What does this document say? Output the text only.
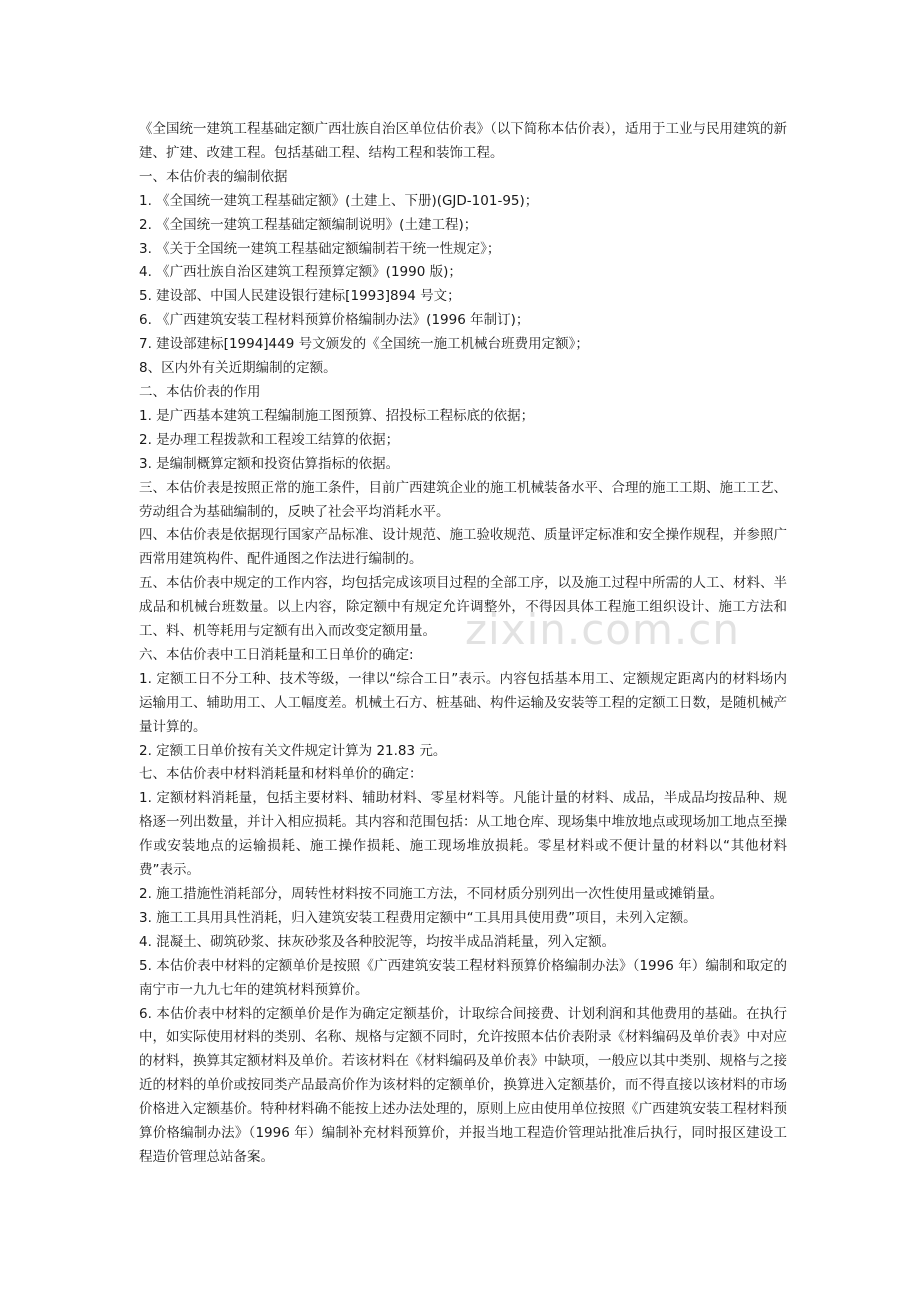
zixin.com.cn

《全国统一建筑工程基础定额广西壮族自治区单位估价表》（以下简称本估价表），适用于工业与民用建筑的新建、扩建、改建工程。包括基础工程、结构工程和装饰工程。

一、本估价表的编制依据

1. 《全国统一建筑工程基础定额》(土建上、下册)(GJD-101-95)；

2. 《全国统一建筑工程基础定额编制说明》(土建工程)；

3. 《关于全国统一建筑工程基础定额编制若干统一性规定》；

4. 《广西壮族自治区建筑工程预算定额》(1990 版)；

5. 建设部、中国人民建设银行建标[1993]894 号文；

6. 《广西建筑安装工程材料预算价格编制办法》(1996 年制订)；

7. 建设部建标[1994]449 号文颁发的《全国统一施工机械台班费用定额》；

8、区内外有关近期编制的定额。

二、本估价表的作用

1. 是广西基本建筑工程编制施工图预算、招投标工程标底的依据；

2. 是办理工程拨款和工程竣工结算的依据；

3. 是编制概算定额和投资估算指标的依据。

三、本估价表是按照正常的施工条件，目前广西建筑企业的施工机械装备水平、合理的施工工期、施工工艺、劳动组合为基础编制的，反映了社会平均消耗水平。

四、本估价表是依据现行国家产品标准、设计规范、施工验收规范、质量评定标准和安全操作规程，并参照广西常用建筑构件、配件通图之作法进行编制的。

五、本估价表中规定的工作内容，均包括完成该项目过程的全部工序，以及施工过程中所需的人工、材料、半成品和机械台班数量。以上内容，除定额中有规定允许调整外，不得因具体工程施工组织设计、施工方法和工、料、机等耗用与定额有出入而改变定额用量。

六、本估价表中工日消耗量和工日单价的确定:

1. 定额工日不分工种、技术等级，一律以“综合工日”表示。内容包括基本用工、定额规定距离内的材料场内运输用工、辅助用工、人工幅度差。机械土石方、桩基础、构件运输及安装等工程的定额工日数，是随机械产量计算的。

2. 定额工日单价按有关文件规定计算为 21.83 元。

七、本估价表中材料消耗量和材料单价的确定：

1. 定额材料消耗量，包括主要材料、辅助材料、零星材料等。凡能计量的材料、成品，半成品均按品种、规格逐一列出数量，并计入相应损耗。其内容和范围包括：从工地仓库、现场集中堆放地点或现场加工地点至操作或安装地点的运输损耗、施工操作损耗、施工现场堆放损耗。零星材料或不便计量的材料以“其他材料费”表示。

2. 施工措施性消耗部分，周转性材料按不同施工方法，不同材质分别列出一次性使用量或摊销量。

3. 施工工具用具性消耗，归入建筑安装工程费用定额中“工具用具使用费”项目，未列入定额。

4. 混凝土、砌筑砂浆、抹灰砂浆及各种胶泥等，均按半成品消耗量，列入定额。

5. 本估价表中材料的定额单价是按照《广西建筑安装工程材料预算价格编制办法》（1996 年）编制和取定的南宁市一九九七年的建筑材料预算价。

6. 本估价表中材料的定额单价是作为确定定额基价，计取综合间接费、计划利润和其他费用的基础。在执行中，如实际使用材料的类别、名称、规格与定额不同时，允许按照本估价表附录《材料编码及单价表》中对应的材料，换算其定额材料及单价。若该材料在《材料编码及单价表》中缺项，一般应以其中类别、规格与之接近的材料的单价或按同类产品最高价作为该材料的定额单价，换算进入定额基价，而不得直接以该材料的市场价格进入定额基价。特种材料确不能按上述办法处理的，原则上应由使用单位按照《广西建筑安装工程材料预算价格编制办法》（1996 年）编制补充材料预算价，并报当地工程造价管理站批准后执行，同时报区建设工程造价管理总站备案。
